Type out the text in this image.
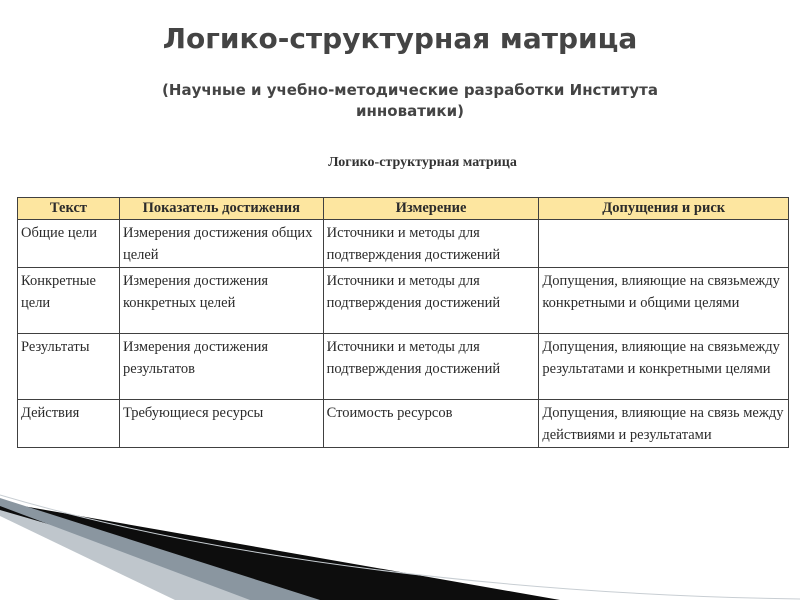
Логико-структурная матрица
(Научные и учебно-методические разработки Института инноватики)
Логико-структурная матрица
Текст	Показатель достижения	Измерение	Допущения и риск
Общие цели	Измерения достижения общих целей	Источники и методы для подтверждения достижений	
Конкретные цели	Измерения достижения конкретных целей	Источники и методы для подтверждения достижений	Допущения, влияющие на связьмежду конкретными и общими целями
Результаты	Измерения достижения результатов	Источники и методы для подтверждения достижений	Допущения, влияющие на связьмежду результатами и конкретными целями
Действия	Требующиеся ресурсы	Стоимость ресурсов	Допущения, влияющие на связь между действиями и результатами
